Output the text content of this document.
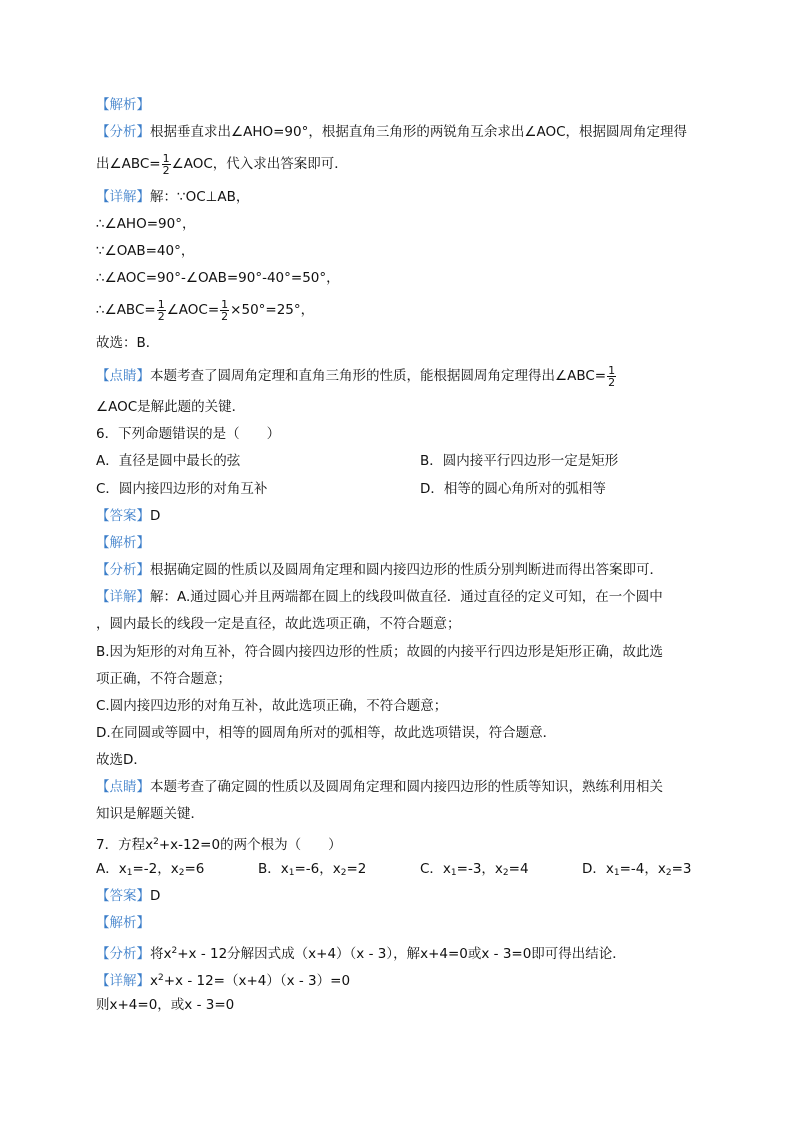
【解析】
【分析】根据垂直求出∠AHO=90°，根据直角三角形的两锐角互余求出∠AOC，根据圆周角定理得
出∠ABC= $\frac{1}{2}$ ∠AOC，代入求出答案即可．
【详解】解：∵OC⊥AB，
∴∠AHO=90°，
∵∠OAB=40°，
∴∠AOC=90°-∠OAB=90°-40°=50°，
∴∠ABC= $\frac{1}{2}$ ∠AOC= $\frac{1}{2} \times 50^\circ=25^\circ$，
故选：B．
【点睛】本题考查了圆周角定理和直角三角形的性质，能根据圆周角定理得出∠ABC= $\frac{1}{2}$
∠AOC是解此题的关键．
6．下列命题错误的是（　　）
A．直径是圆中最长的弦	B．圆内接平行四边形一定是矩形
C．圆内接四边形的对角互补	D．相等的圆心角所对的弧相等
【答案】D
【解析】
【分析】根据确定圆的性质以及圆周角定理和圆内接四边形的性质分别判断进而得出答案即可．
【详解】解：A.通过圆心并且两端都在圆上的线段叫做直径．通过直径的定义可知，在一个圆中
，圆内最长的线段一定是直径，故此选项正确，不符合题意；
B.因为矩形的对角互补，符合圆内接四边形的性质；故圆的内接平行四边形是矩形正确，故此选
项正确，不符合题意；
C.圆内接四边形的对角互补，故此选项正确，不符合题意；
D.在同圆或等圆中，相等的圆周角所对的弧相等，故此选项错误，符合题意．
故选D．
【点睛】本题考查了确定圆的性质以及圆周角定理和圆内接四边形的性质等知识，熟练利用相关
知识是解题关键．
7．方程$x^2+x-12=0$的两个根为（　　）
A．$x_1=-2$，$x_2=6$	B．$x_1=-6$，$x_2=2$	C．$x_1=-3$，$x_2=4$	D．$x_1=-4$，$x_2=3$
【答案】D
【解析】
【分析】将$x^2+x - 12$分解因式成（x+4）（x - 3），解x+4=0或x - 3=0即可得出结论．
【详解】$x^2+x - 12=(x+4)(x - 3)=0$
则x+4=0，或x - 3=0
